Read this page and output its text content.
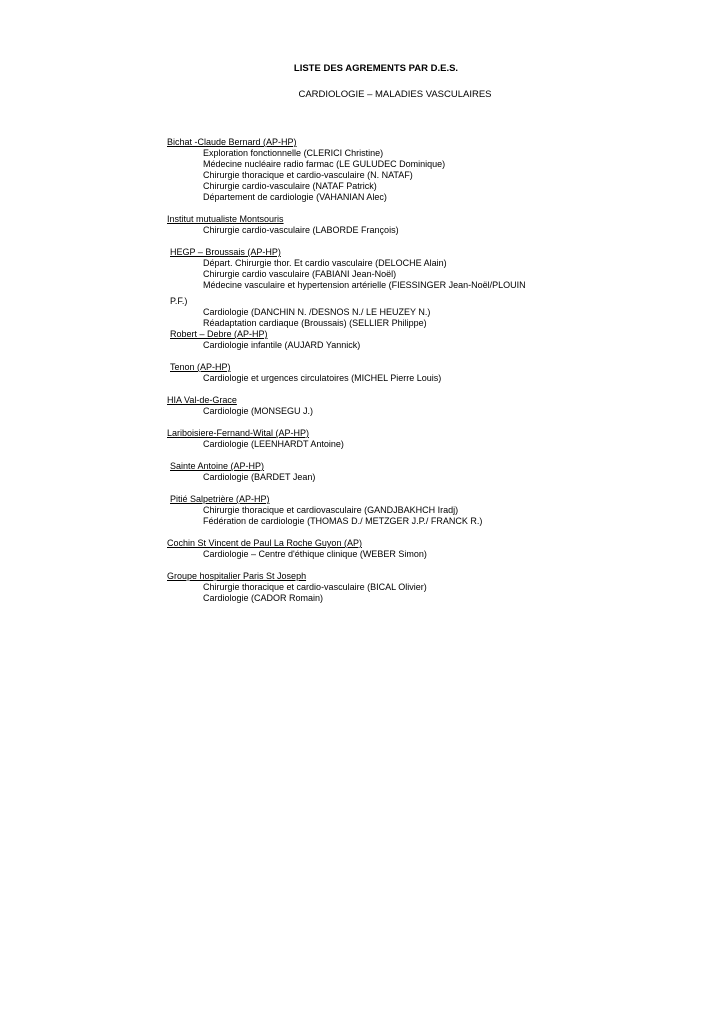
LISTE DES AGREMENTS PAR D.E.S.
CARDIOLOGIE – MALADIES VASCULAIRES
Bichat -Claude Bernard (AP-HP)
Exploration fonctionnelle (CLERICI Christine)
Médecine nucléaire radio farmac (LE GULUDEC Dominique)
Chirurgie thoracique et cardio-vasculaire (N. NATAF)
Chirurgie cardio-vasculaire (NATAF Patrick)
Département de cardiologie (VAHANIAN Alec)
Institut mutualiste Montsouris
Chirurgie cardio-vasculaire (LABORDE François)
HEGP – Broussais (AP-HP)
Départ. Chirurgie thor. Et cardio vasculaire (DELOCHE Alain)
Chirurgie cardio vasculaire (FABIANI Jean-Noël)
Médecine vasculaire et hypertension artérielle (FIESSINGER Jean-Noël/PLOUIN
P.F.)
Cardiologie (DANCHIN N. /DESNOS N./ LE HEUZEY N.)
Réadaptation cardiaque (Broussais) (SELLIER Philippe)
Robert – Debre (AP-HP)
Cardiologie infantile (AUJARD Yannick)
Tenon (AP-HP)
Cardiologie et urgences circulatoires (MICHEL Pierre Louis)
HIA Val-de-Grace
Cardiologie (MONSEGU J.)
Lariboisiere-Fernand-Wital (AP-HP)
Cardiologie (LEENHARDT Antoine)
Sainte Antoine (AP-HP)
Cardiologie (BARDET Jean)
Pitié Salpetrière (AP-HP)
Chirurgie thoracique et cardiovasculaire (GANDJBAKHCH Iradj)
Fédération de cardiologie (THOMAS D./ METZGER J.P./ FRANCK R.)
Cochin St Vincent de Paul La Roche Guyon (AP)
Cardiologie – Centre d'éthique clinique (WEBER Simon)
Groupe hospitalier Paris St Joseph
Chirurgie thoracique et cardio-vasculaire (BICAL Olivier)
Cardiologie (CADOR Romain)
